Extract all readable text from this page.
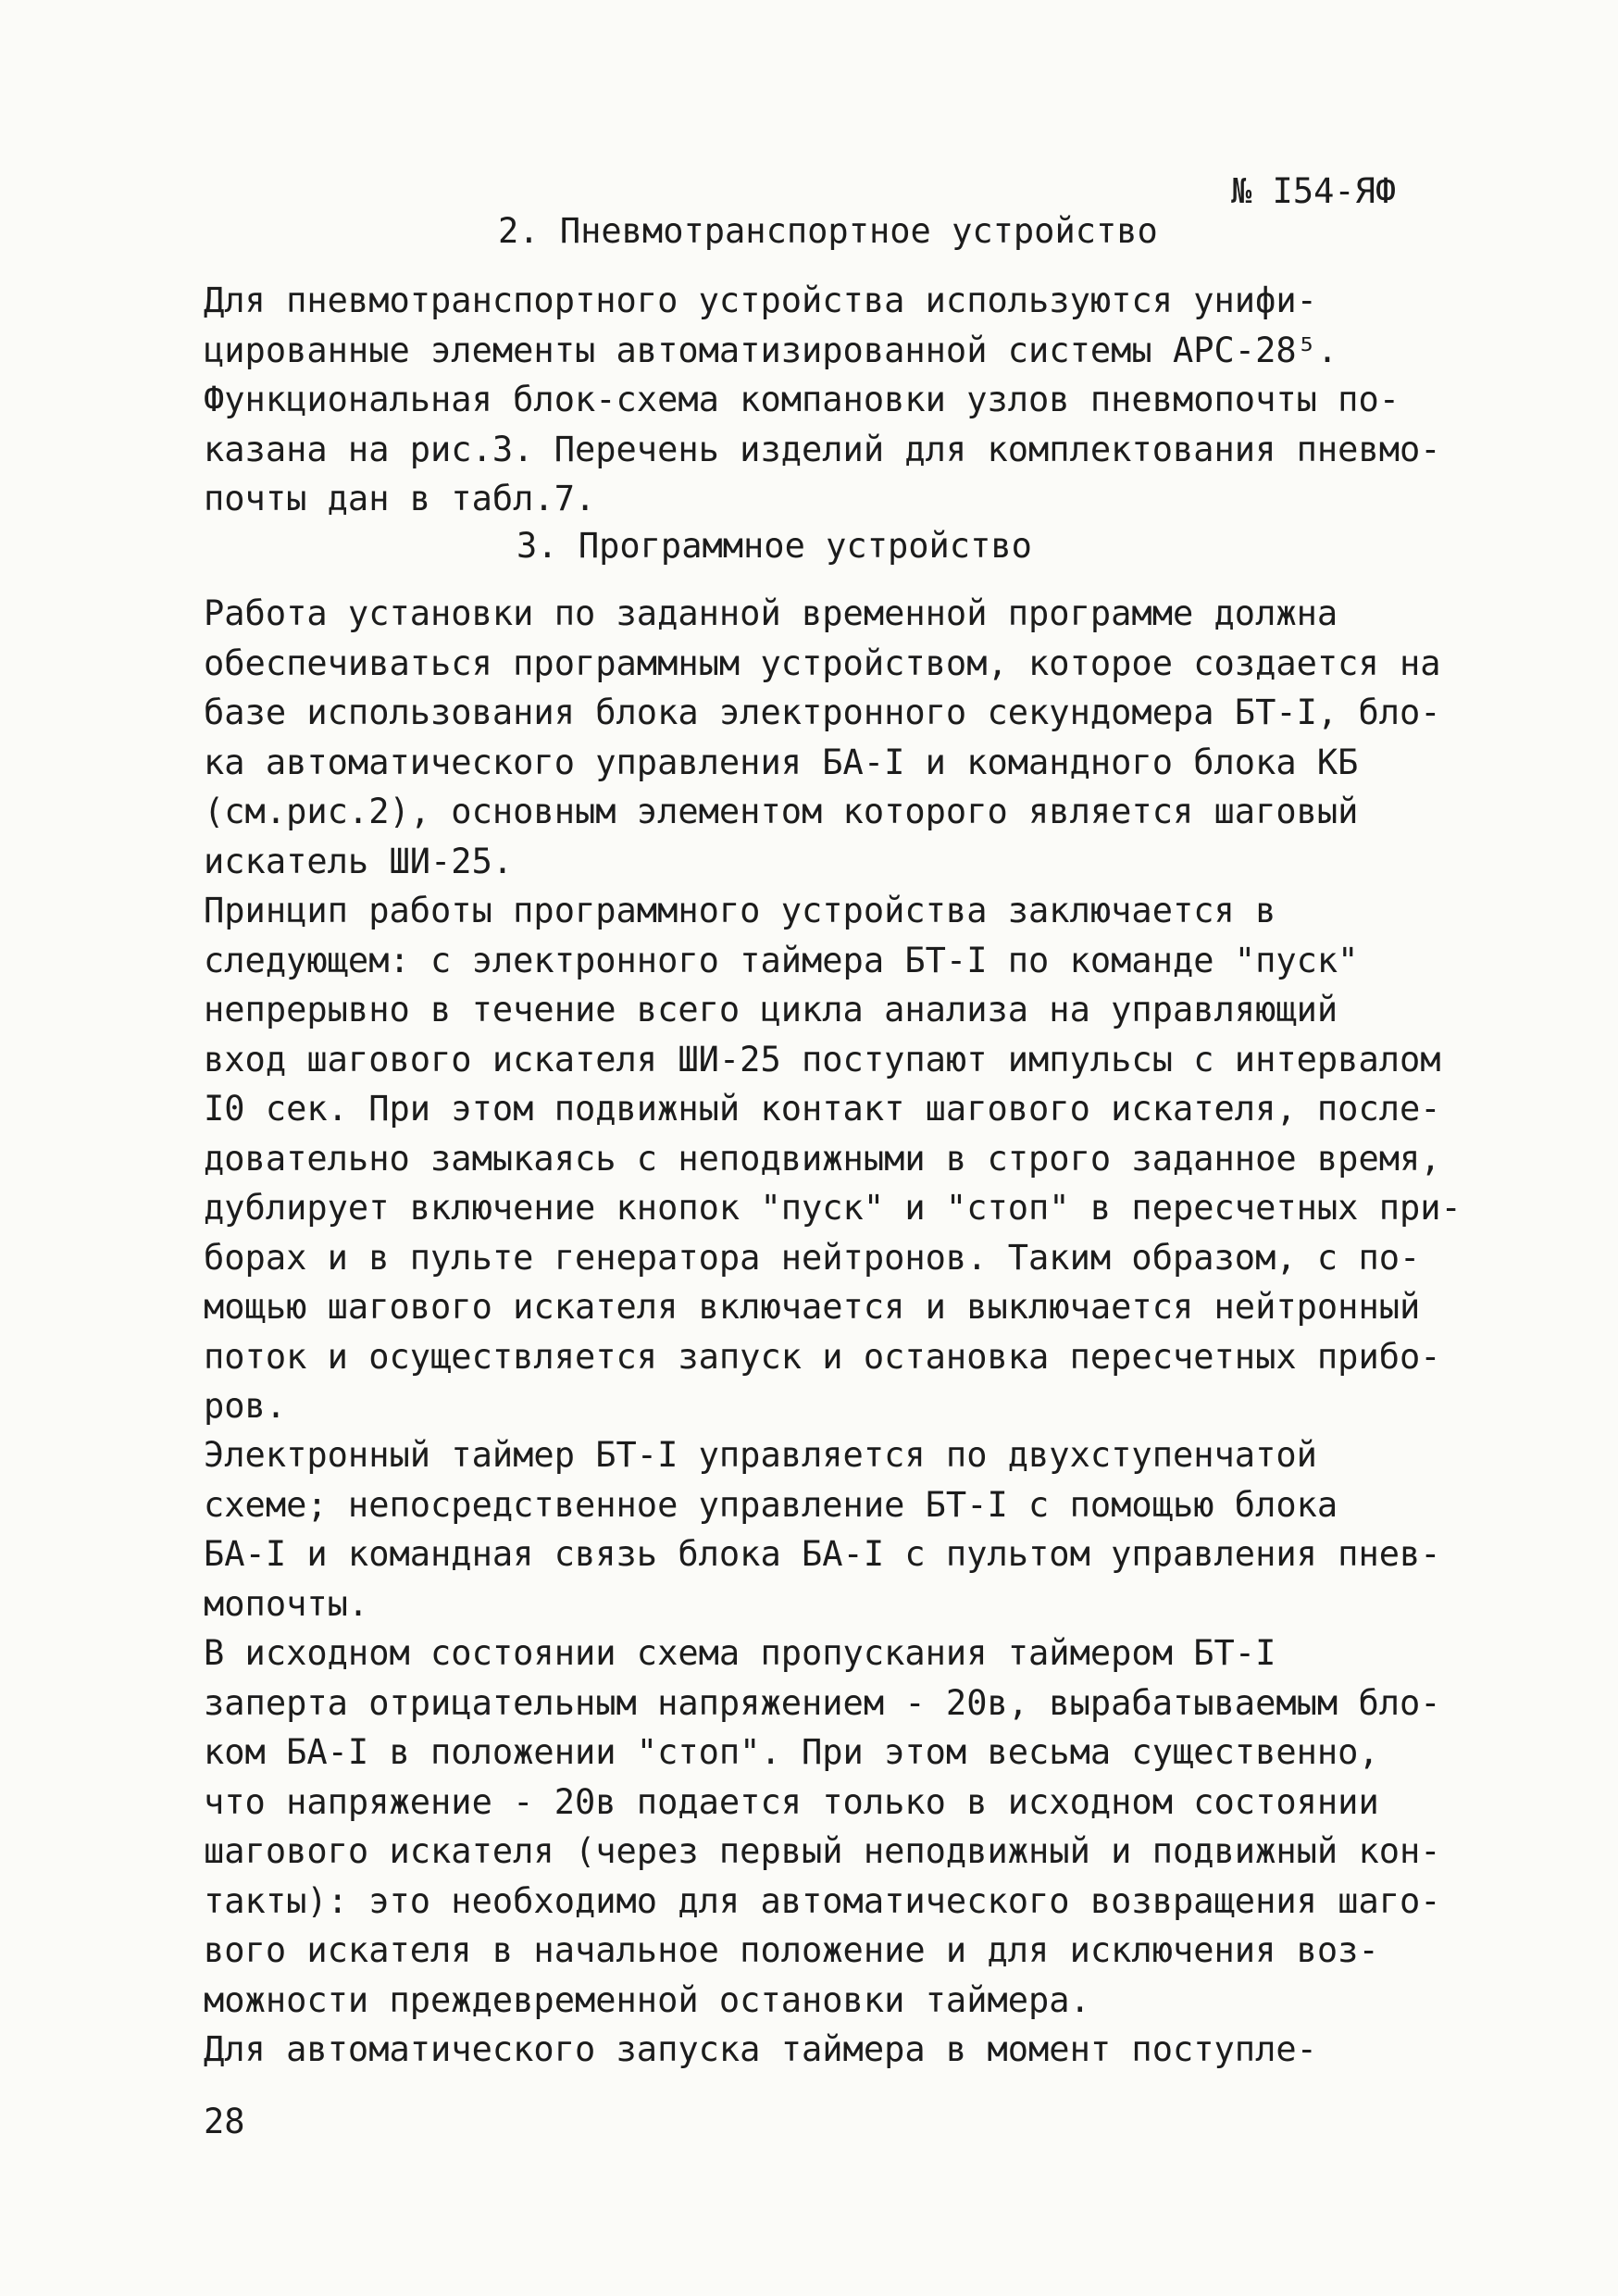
№ I54-ЯФ
2. Пневмотранспортное устройство
Для пневмотранспортного устройства используются унифи-
цированные элементы автоматизированной системы АРС-28⁵.
Функциональная блок-схема компановки узлов пневмопочты по-
казана на рис.3. Перечень изделий для комплектования пневмо-
почты дан в табл.7.
3. Программное устройство
Работа установки по заданной временной программе должна
обеспечиваться программным устройством, которое создается на
базе использования блока электронного секундомера БТ-I, бло-
ка автоматического управления БА-I и командного блока КБ
(см.рис.2), основным элементом которого является шаговый
искатель ШИ-25.
Принцип работы программного устройства заключается в
следующем: с электронного таймера БТ-I по команде "пуск"
непрерывно в течение всего цикла анализа на управляющий
вход шагового искателя ШИ-25 поступают импульсы с интервалом
I0 сек. При этом подвижный контакт шагового искателя, после-
довательно замыкаясь с неподвижными в строго заданное время,
дублирует включение кнопок "пуск" и "стоп" в пересчетных при-
борах и в пульте генератора нейтронов. Таким образом, с по-
мощью шагового искателя включается и выключается нейтронный
поток и осуществляется запуск и остановка пересчетных прибо-
ров.
Электронный таймер БТ-I управляется по двухступенчатой
схеме; непосредственное управление БТ-I с помощью блока
БА-I и командная связь блока БА-I с пультом управления пнев-
мопочты.
В исходном состоянии схема пропускания таймером БТ-I
заперта отрицательным напряжением - 20в, вырабатываемым бло-
ком БА-I в положении "стоп". При этом весьма существенно,
что напряжение - 20в подается только в исходном состоянии
шагового искателя (через первый неподвижный и подвижный кон-
такты): это необходимо для автоматического возвращения шаго-
вого искателя в начальное положение и для исключения воз-
можности преждевременной остановки таймера.
Для автоматического запуска таймера в момент поступле-
28
